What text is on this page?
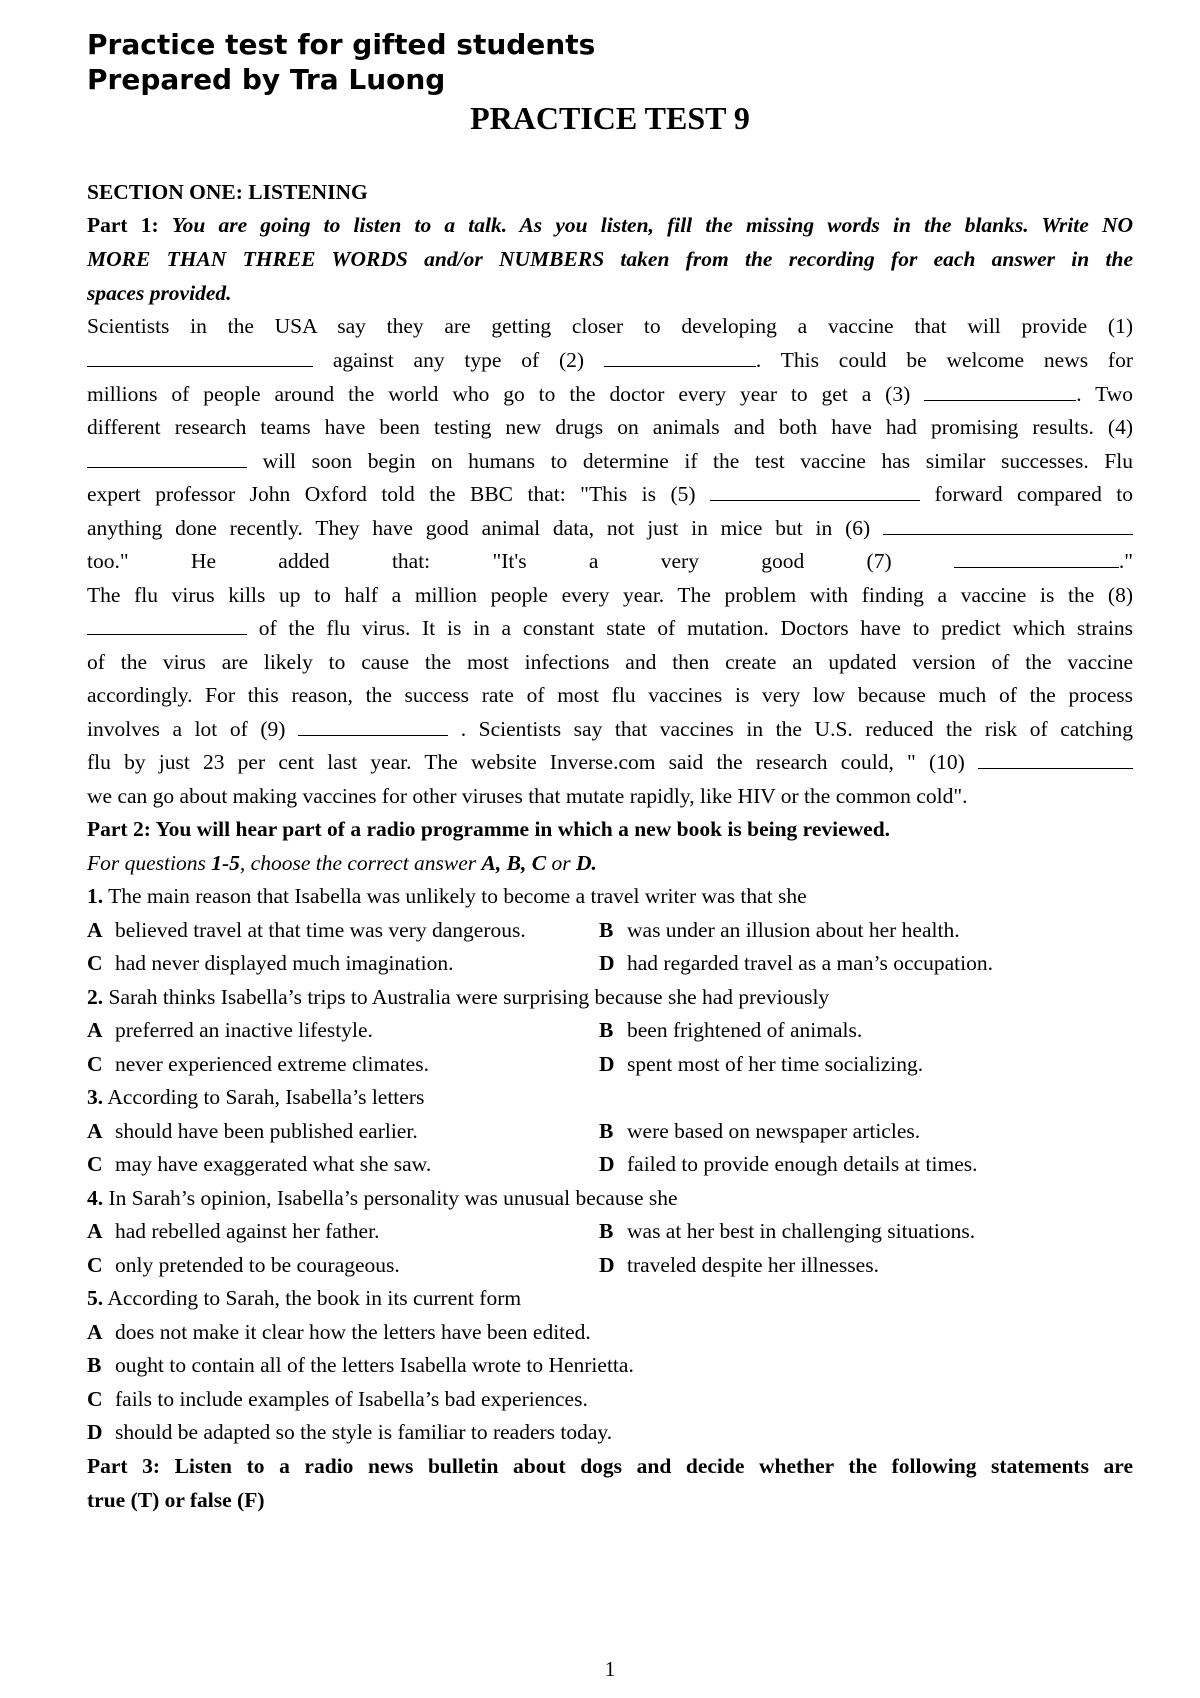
Practice test for gifted students
Prepared by Tra Luong
PRACTICE TEST 9
SECTION ONE: LISTENING
Part 1: You are going to listen to a talk. As you listen, fill the missing words in the blanks. Write NO
MORE THAN THREE WORDS and/or NUMBERS taken from the recording for each answer in the
spaces provided.
Scientists in the USA say they are getting closer to developing a vaccine that will provide (1)
against any type of (2)	. This could be welcome news for
millions of people around the world who go to the doctor every year to get a (3)	. Two
different research teams have been testing new drugs on animals and both have had promising results. (4)
will soon begin on humans to determine if the test vaccine has similar successes. Flu
expert professor John Oxford told the BBC that: "This is (5)	forward compared to
anything done recently. They have good animal data, not just in mice but in (6)
too."	He	added	that:	"It's	a	very	good	(7)	."
The flu virus kills up to half a million people every year. The problem with finding a vaccine is the (8)
of the flu virus. It is in a constant state of mutation. Doctors have to predict which strains
of the virus are likely to cause the most infections and then create an updated version of the vaccine
accordingly. For this reason, the success rate of most flu vaccines is very low because much of the process
involves a lot of (9)	. Scientists say that vaccines in the U.S. reduced the risk of catching
flu by just 23 per cent last year. The website Inverse.com said the research could, " (10)
we can go about making vaccines for other viruses that mutate rapidly, like HIV or the common cold".
Part 2: You will hear part of a radio programme in which a new book is being reviewed.
For questions 1-5, choose the correct answer A, B, C or D.
1. The main reason that Isabella was unlikely to become a travel writer was that she
A believed travel at that time was very dangerous.	B was under an illusion about her health.
C had never displayed much imagination.	D had regarded travel as a man’s occupation.
2. Sarah thinks Isabella’s trips to Australia were surprising because she had previously
A preferred an inactive lifestyle.	B been frightened of animals.
C never experienced extreme climates.	D spent most of her time socializing.
3. According to Sarah, Isabella’s letters
A should have been published earlier.	B were based on newspaper articles.
C may have exaggerated what she saw.	D failed to provide enough details at times.
4. In Sarah’s opinion, Isabella’s personality was unusual because she
A had rebelled against her father.	B was at her best in challenging situations.
C only pretended to be courageous.	D traveled despite her illnesses.
5. According to Sarah, the book in its current form
A does not make it clear how the letters have been edited.
B ought to contain all of the letters Isabella wrote to Henrietta.
C fails to include examples of Isabella’s bad experiences.
D should be adapted so the style is familiar to readers today.
Part 3: Listen to a radio news bulletin about dogs and decide whether the following statements are
true (T) or false (F)
1
